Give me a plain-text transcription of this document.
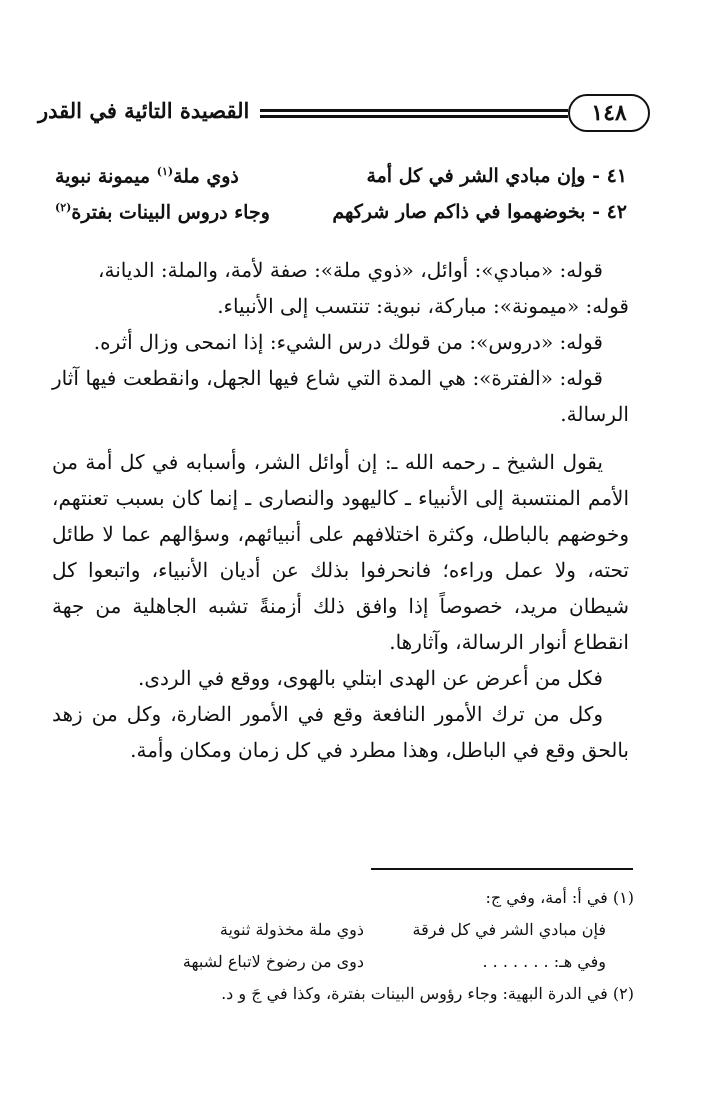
١٤٨
القصيدة التائية في القدر
٤١ - وإن مبادي الشر في كل أمة
ذوي ملة$^{(١)}$ ميمونة نبوية
٤٢ - بخوضهموا في ذاكم صار شركهم
وجاء دروس البينات بفترة$^{(٢)}$

قوله: «مبادي»: أوائل، «ذوي ملة»: صفة لأمة، والملة: الديانة،

قوله: «ميمونة»: مباركة، نبوية: تنتسب إلى الأنبياء.

قوله: «دروس»: من قولك درس الشيء: إذا انمحى وزال أثره.

قوله: «الفترة»: هي المدة التي شاع فيها الجهل، وانقطعت فيها آثار الرسالة.

يقول الشيخ ـ رحمه الله ـ: إن أوائل الشر، وأسبابه في كل أمة من الأمم المنتسبة إلى الأنبياء ـ كاليهود والنصارى ـ إنما كان بسبب تعنتهم، وخوضهم بالباطل، وكثرة اختلافهم على أنبيائهم، وسؤالهم عما لا طائل تحته، ولا عمل وراءه؛ فانحرفوا بذلك عن أديان الأنبياء، واتبعوا كل شيطان مريد، خصوصاً إذا وافق ذلك أزمنةً تشبه الجاهلية من جهة انقطاع أنوار الرسالة، وآثارها.

فكل من أعرض عن الهدى ابتلي بالهوى، ووقع في الردى.

وكل من ترك الأمور النافعة وقع في الأمور الضارة، وكل من زهد بالحق وقع في الباطل، وهذا مطرد في كل زمان ومكان وأمة.

(١) في أ: أمة، وفي ج:
فإن مبادي الشر في كل فرقة
ذوي ملة مخذولة ثنوية
وفي هـ: . . . . . . .
دوى من رضوخ لاتباع لشبهة
(٢) في الدرة البهية: وجاء رؤوس البينات بفترة، وكذا في جَ و د.
